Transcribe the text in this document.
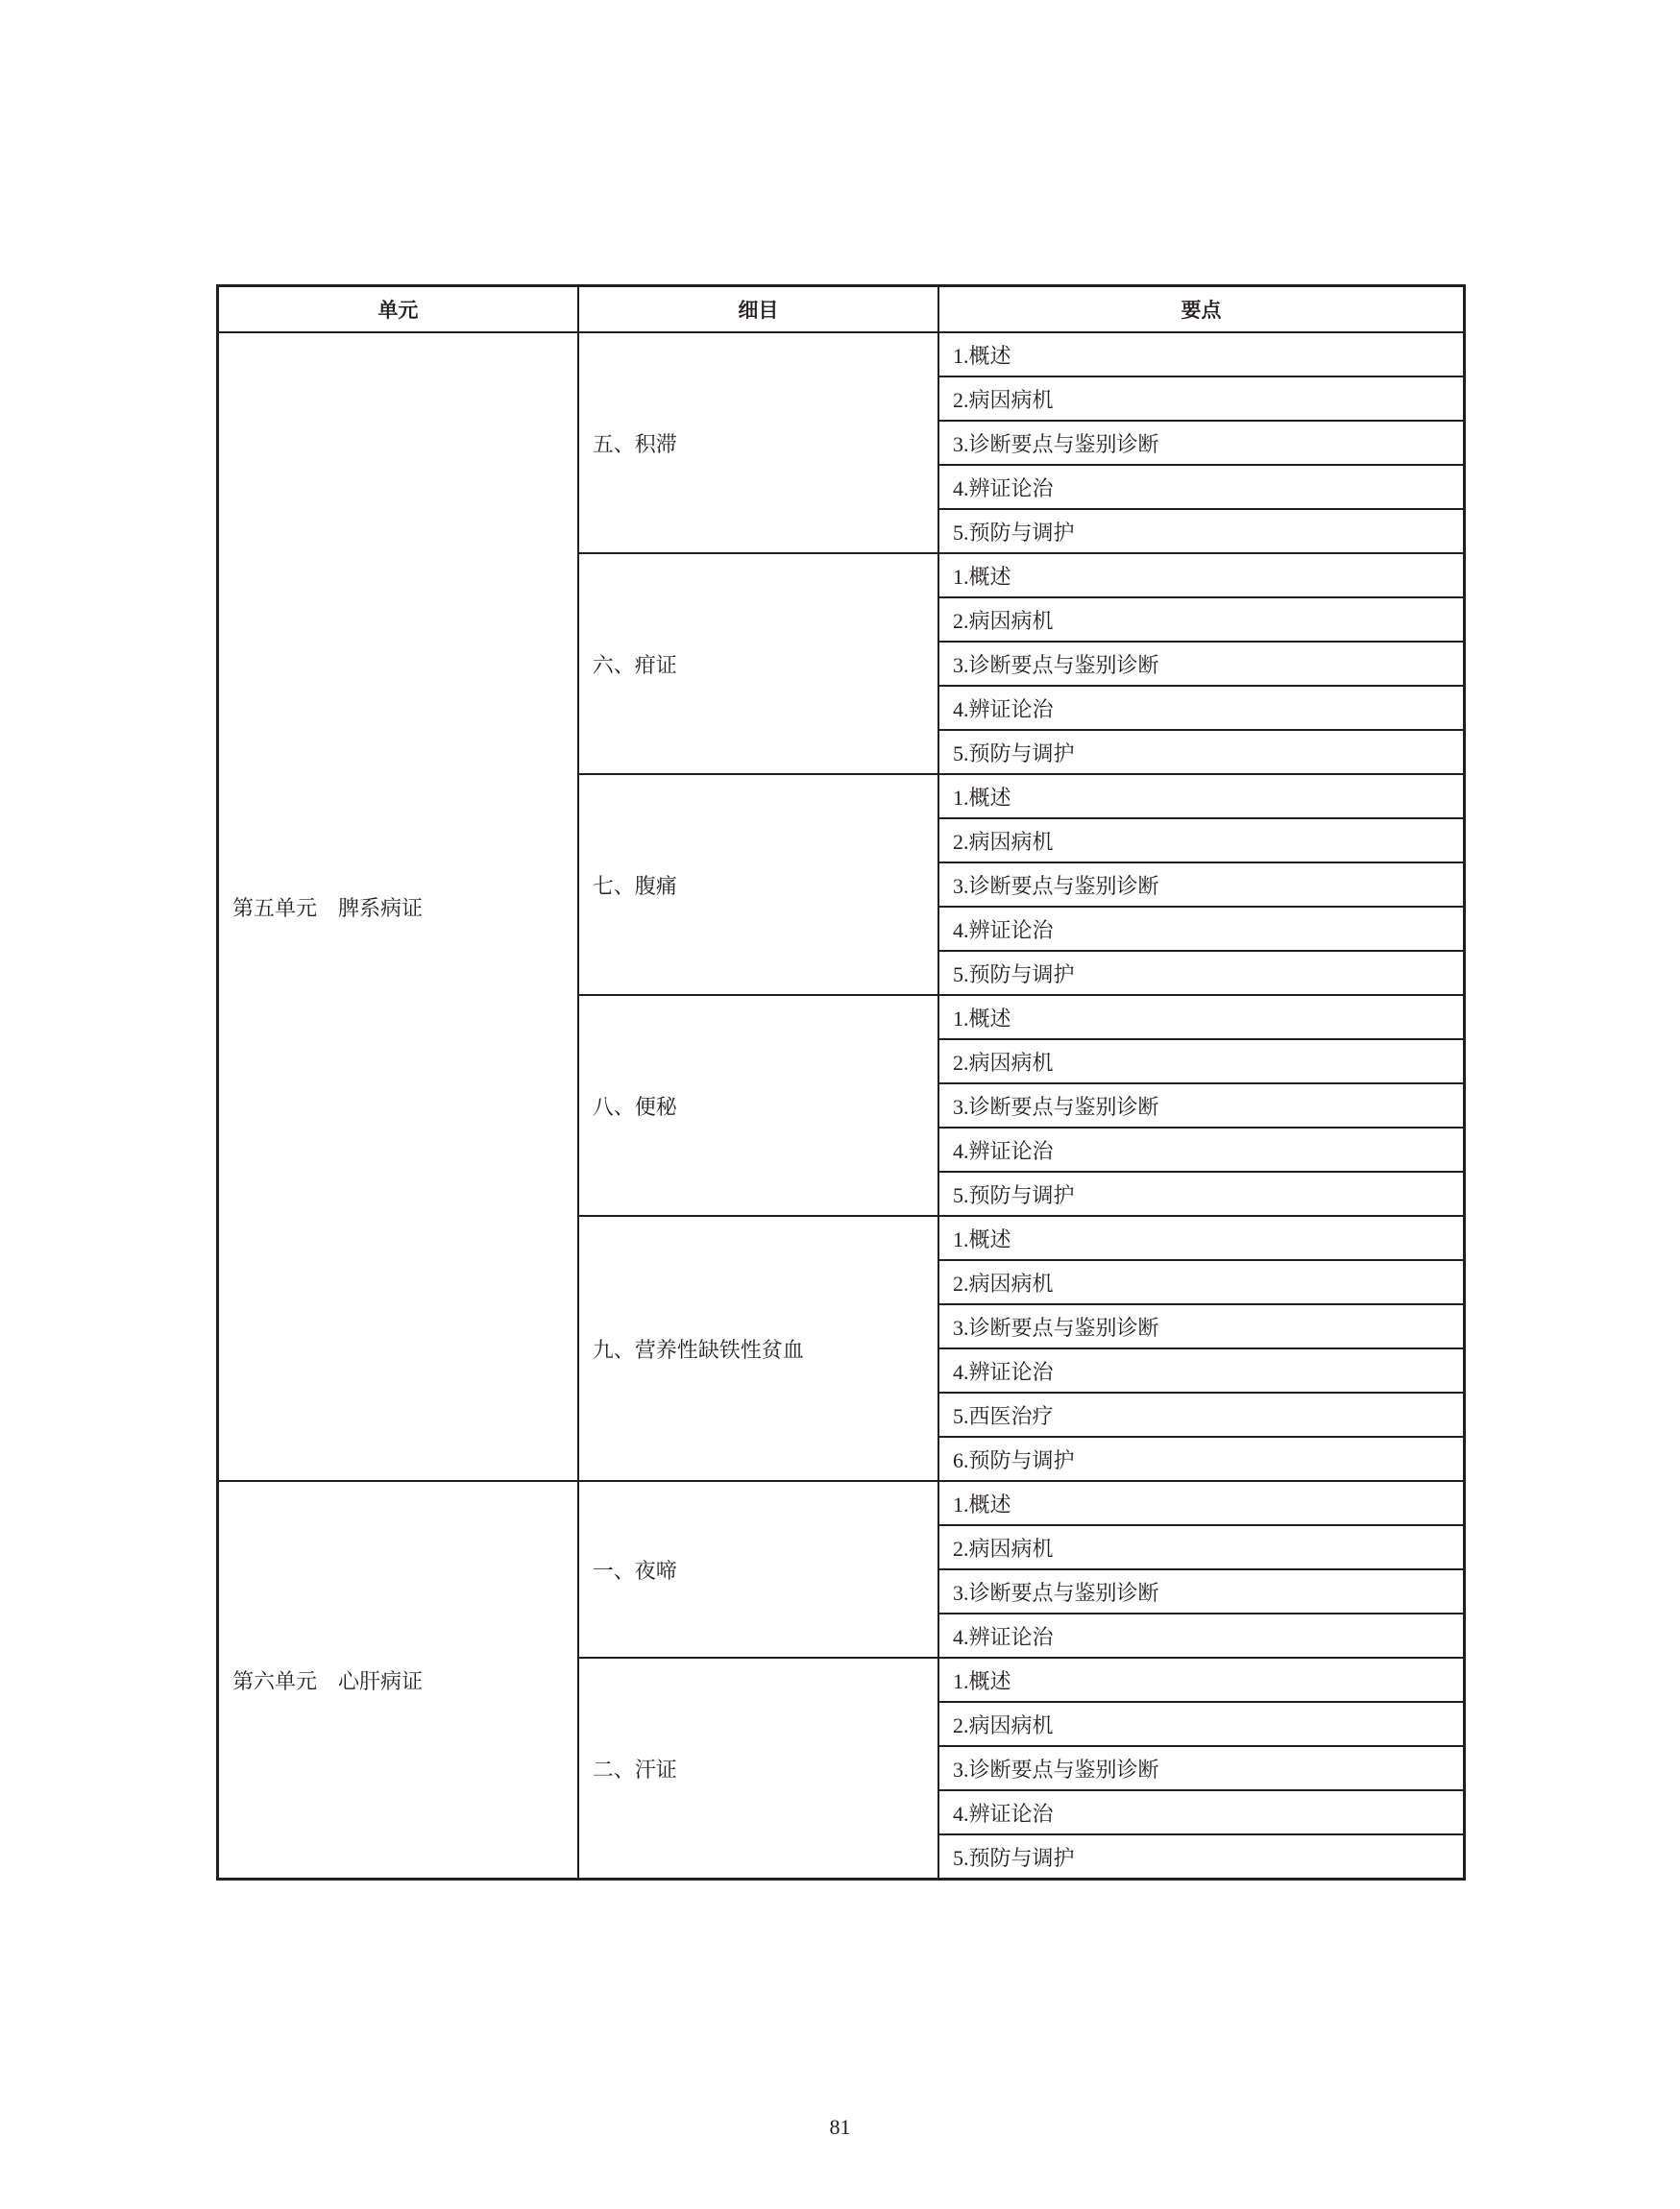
单元	细目	要点
第五单元　脾系病证	五、积滞	1.概述
		2.病因病机
		3.诊断要点与鉴别诊断
		4.辨证论治
		5.预防与调护
	六、疳证	1.概述
		2.病因病机
		3.诊断要点与鉴别诊断
		4.辨证论治
		5.预防与调护
	七、腹痛	1.概述
		2.病因病机
		3.诊断要点与鉴别诊断
		4.辨证论治
		5.预防与调护
	八、便秘	1.概述
		2.病因病机
		3.诊断要点与鉴别诊断
		4.辨证论治
		5.预防与调护
	九、营养性缺铁性贫血	1.概述
		2.病因病机
		3.诊断要点与鉴别诊断
		4.辨证论治
		5.西医治疗
		6.预防与调护
第六单元　心肝病证	一、夜啼	1.概述
		2.病因病机
		3.诊断要点与鉴别诊断
		4.辨证论治
	二、汗证	1.概述
		2.病因病机
		3.诊断要点与鉴别诊断
		4.辨证论治
		5.预防与调护
81
